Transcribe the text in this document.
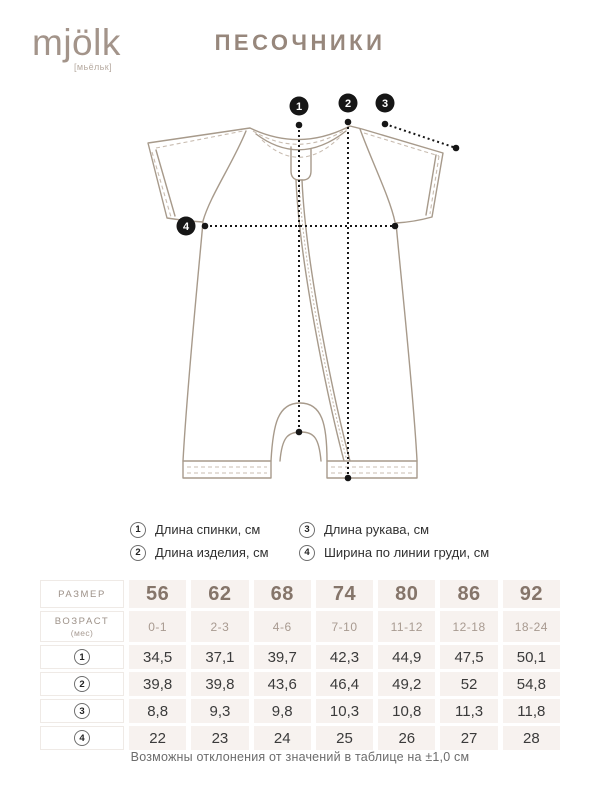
mjölk
[мьёльк]
ПЕСОЧНИКИ
1	2	3
4
1 Длина спинки, см
2 Длина изделия, см
3 Длина рукава, см
4 Ширина по линии груди, см
РАЗМЕР	56	62	68	74	80	86	92
ВОЗРАСТ
(мес)	0-1	2-3	4-6	7-10	11-12	12-18	18-24
1	34,5	37,1	39,7	42,3	44,9	47,5	50,1
2	39,8	39,8	43,6	46,4	49,2	52	54,8
3	8,8	9,3	9,8	10,3	10,8	11,3	11,8
4	22	23	24	25	26	27	28

Возможны отклонения от значений в таблице на ±1,0 см
